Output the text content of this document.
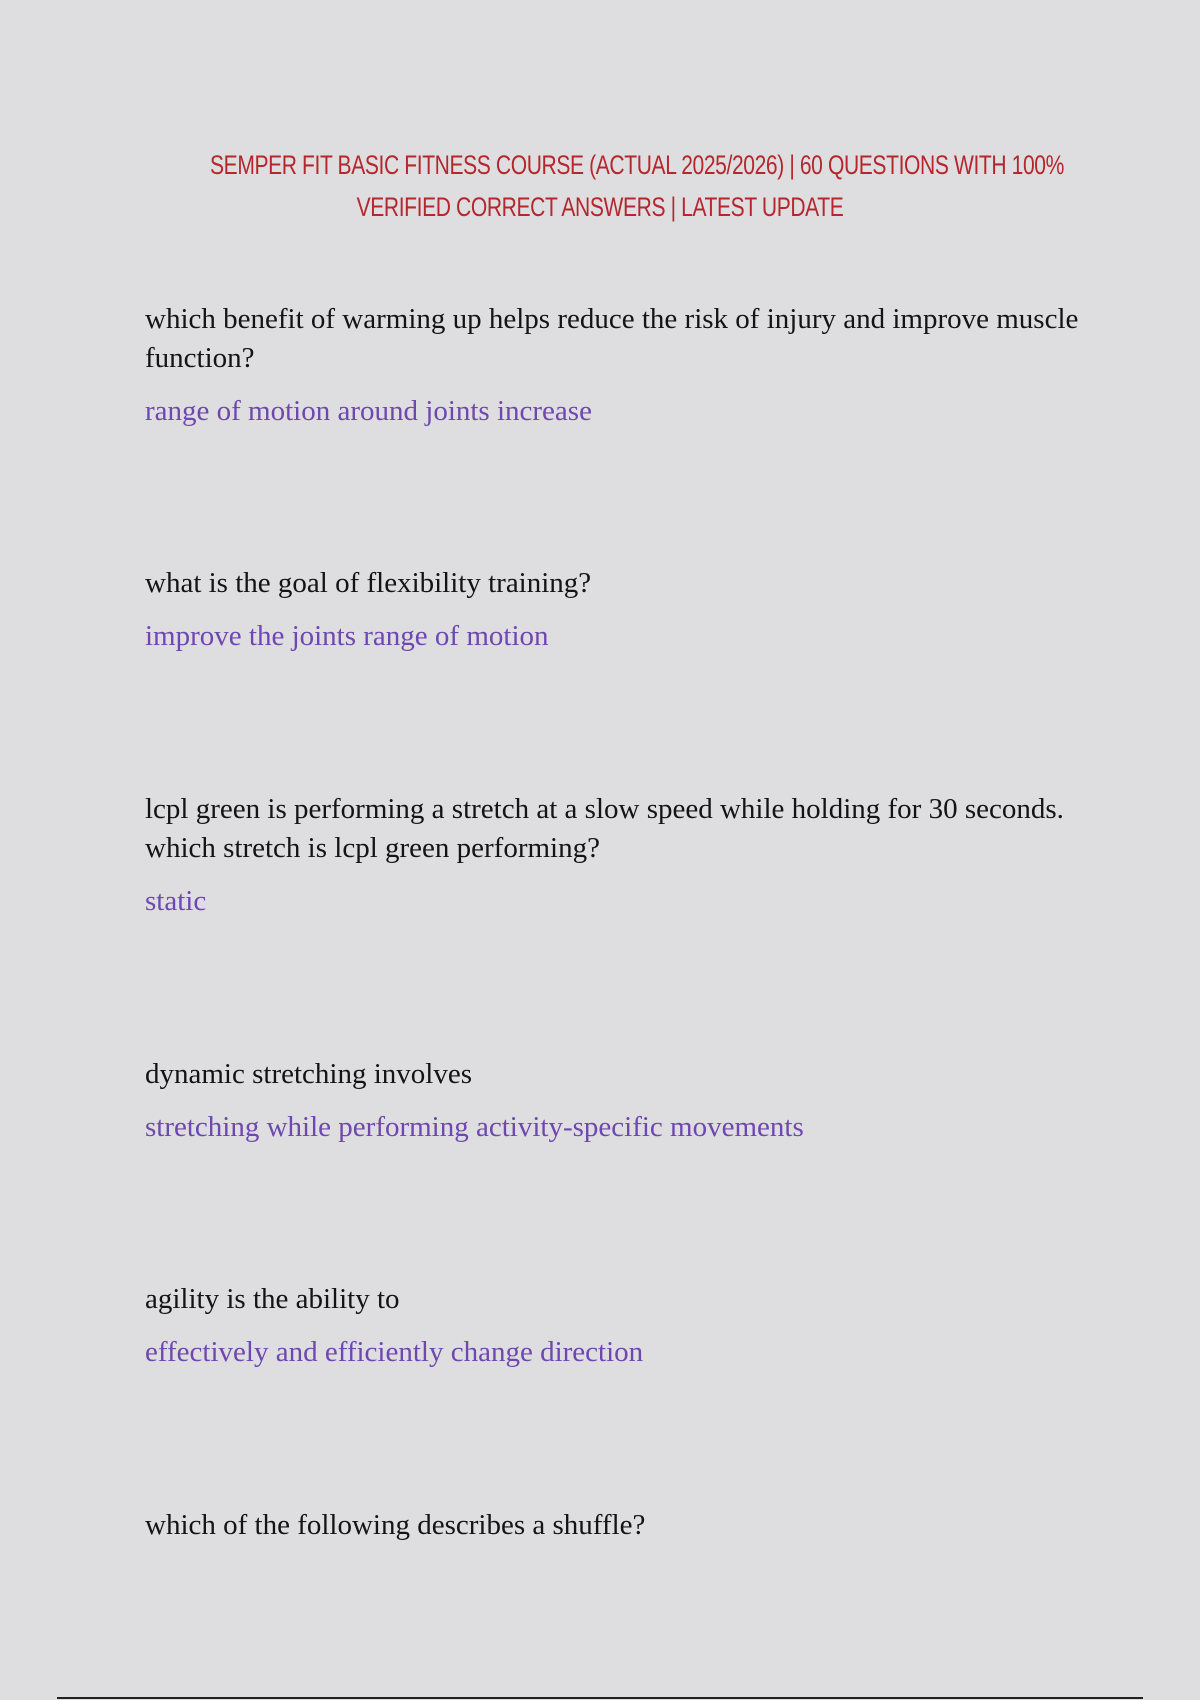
SEMPER FIT BASIC FITNESS COURSE (ACTUAL 2025/2026) | 60 QUESTIONS WITH 100%
VERIFIED CORRECT ANSWERS | LATEST UPDATE

which benefit of warming up helps reduce the risk of injury and improve muscle function?

range of motion around joints increase

what is the goal of flexibility training?

improve the joints range of motion

lcpl green is performing a stretch at a slow speed while holding for 30 seconds. which stretch is lcpl green performing?

static

dynamic stretching involves

stretching while performing activity-specific movements

agility is the ability to

effectively and efficiently change direction

which of the following describes a shuffle?
